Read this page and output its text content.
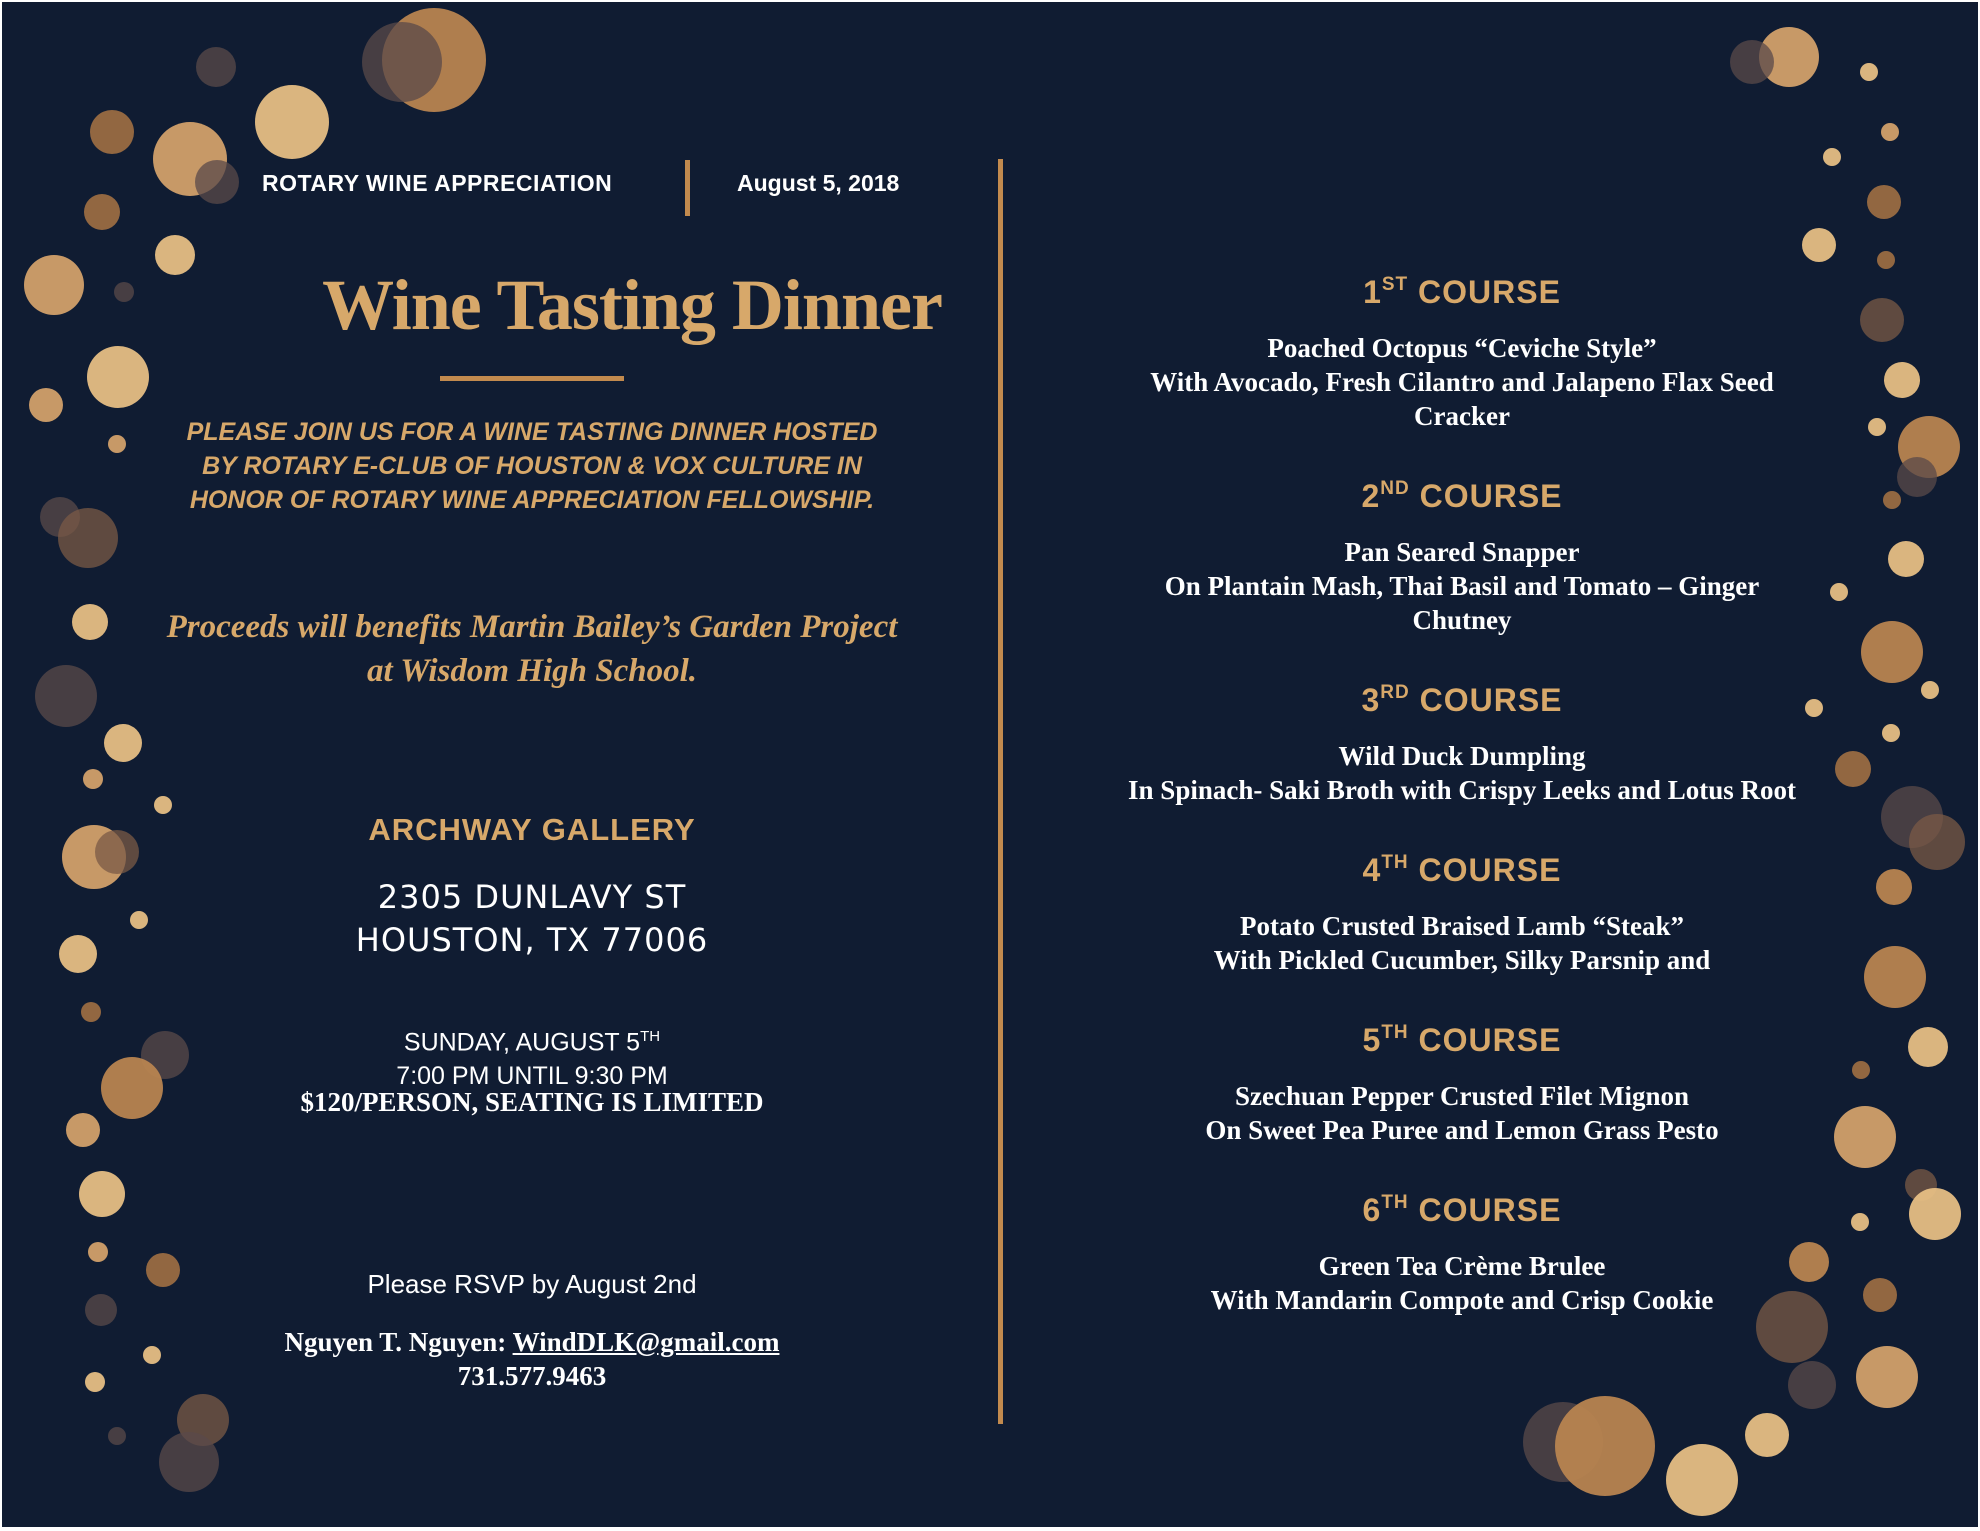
ROTARY WINE APPRECIATION	August 5, 2018
Wine Tasting Dinner
PLEASE JOIN US FOR A WINE TASTING DINNER HOSTED BY ROTARY E-CLUB OF HOUSTON & VOX CULTURE IN HONOR OF ROTARY WINE APPRECIATION FELLOWSHIP.
Proceeds will benefits Martin Bailey’s Garden Project
at Wisdom High School.
ARCHWAY GALLERY
2305 DUNLAVY ST
HOUSTON, TX 77006
SUNDAY, AUGUST 5TH
7:00 PM UNTIL 9:30 PM
$120/PERSON, SEATING IS LIMITED
Please RSVP by August 2nd
Nguyen T. Nguyen: WindDLK@gmail.com
731.577.9463
1ST COURSE
Poached Octopus “Ceviche Style”
With Avocado, Fresh Cilantro and Jalapeno Flax Seed
Cracker
2ND COURSE
Pan Seared Snapper
On Plantain Mash, Thai Basil and Tomato – Ginger
Chutney
3RD COURSE
Wild Duck Dumpling
In Spinach- Saki Broth with Crispy Leeks and Lotus Root
4TH COURSE
Potato Crusted Braised Lamb “Steak”
With Pickled Cucumber, Silky Parsnip and
5TH COURSE
Szechuan Pepper Crusted Filet Mignon
On Sweet Pea Puree and Lemon Grass Pesto
6TH COURSE
Green Tea Crème Brulee
With Mandarin Compote and Crisp Cookie
